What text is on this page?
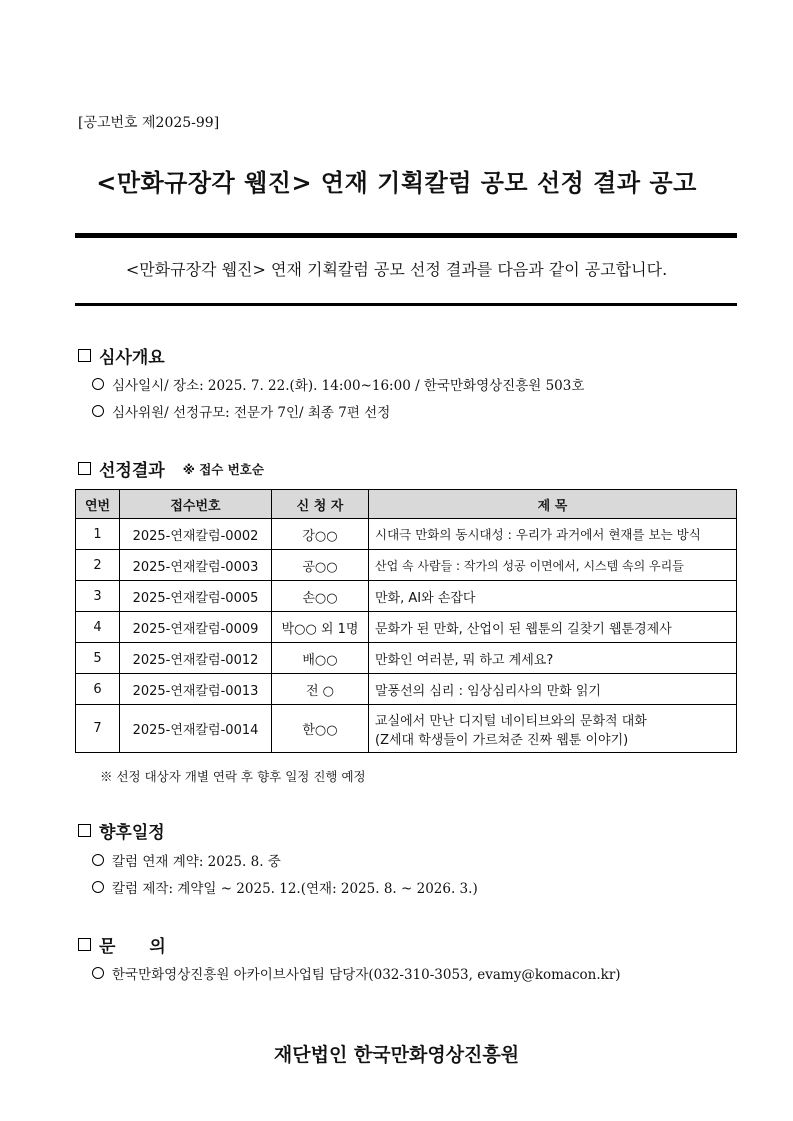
[공고번호 제2025-99]
<만화규장각 웹진> 연재 기획칼럼 공모 선정 결과 공고
<만화규장각 웹진> 연재 기획칼럼 공모 선정 결과를 다음과 같이 공고합니다.
심사개요
심사일시/ 장소: 2025. 7. 22.(화). 14:00~16:00 / 한국만화영상진흥원 503호
심사위원/ 선정규모: 전문가 7인/ 최종 7편 선정
선정결과 ※ 접수 번호순
연번	접수번호	신 청 자	제 목
1	2025-연재칼럼-0002	강○○	시대극 만화의 동시대성 : 우리가 과거에서 현재를 보는 방식
2	2025-연재칼럼-0003	공○○	산업 속 사람들 : 작가의 성공 이면에서, 시스템 속의 우리들
3	2025-연재칼럼-0005	손○○	만화, AI와 손잡다
4	2025-연재칼럼-0009	박○○ 외 1명	문화가 된 만화, 산업이 된 웹툰의 길찾기 웹툰경제사
5	2025-연재칼럼-0012	배○○	만화인 여러분, 뭐 하고 계세요?
6	2025-연재칼럼-0013	전 ○	말풍선의 심리 : 임상심리사의 만화 읽기
7	2025-연재칼럼-0014	한○○	교실에서 만난 디지털 네이티브와의 문화적 대화
(Z세대 학생들이 가르쳐준 진짜 웹툰 이야기)
※ 선정 대상자 개별 연락 후 향후 일정 진행 예정
향후일정
칼럼 연재 계약: 2025. 8. 중
칼럼 제작: 계약일 ~ 2025. 12.(연재: 2025. 8. ~ 2026. 3.)
문 의
한국만화영상진흥원 아카이브사업팀 담당자(032-310-3053, evamy@komacon.kr)
재단법인 한국만화영상진흥원
